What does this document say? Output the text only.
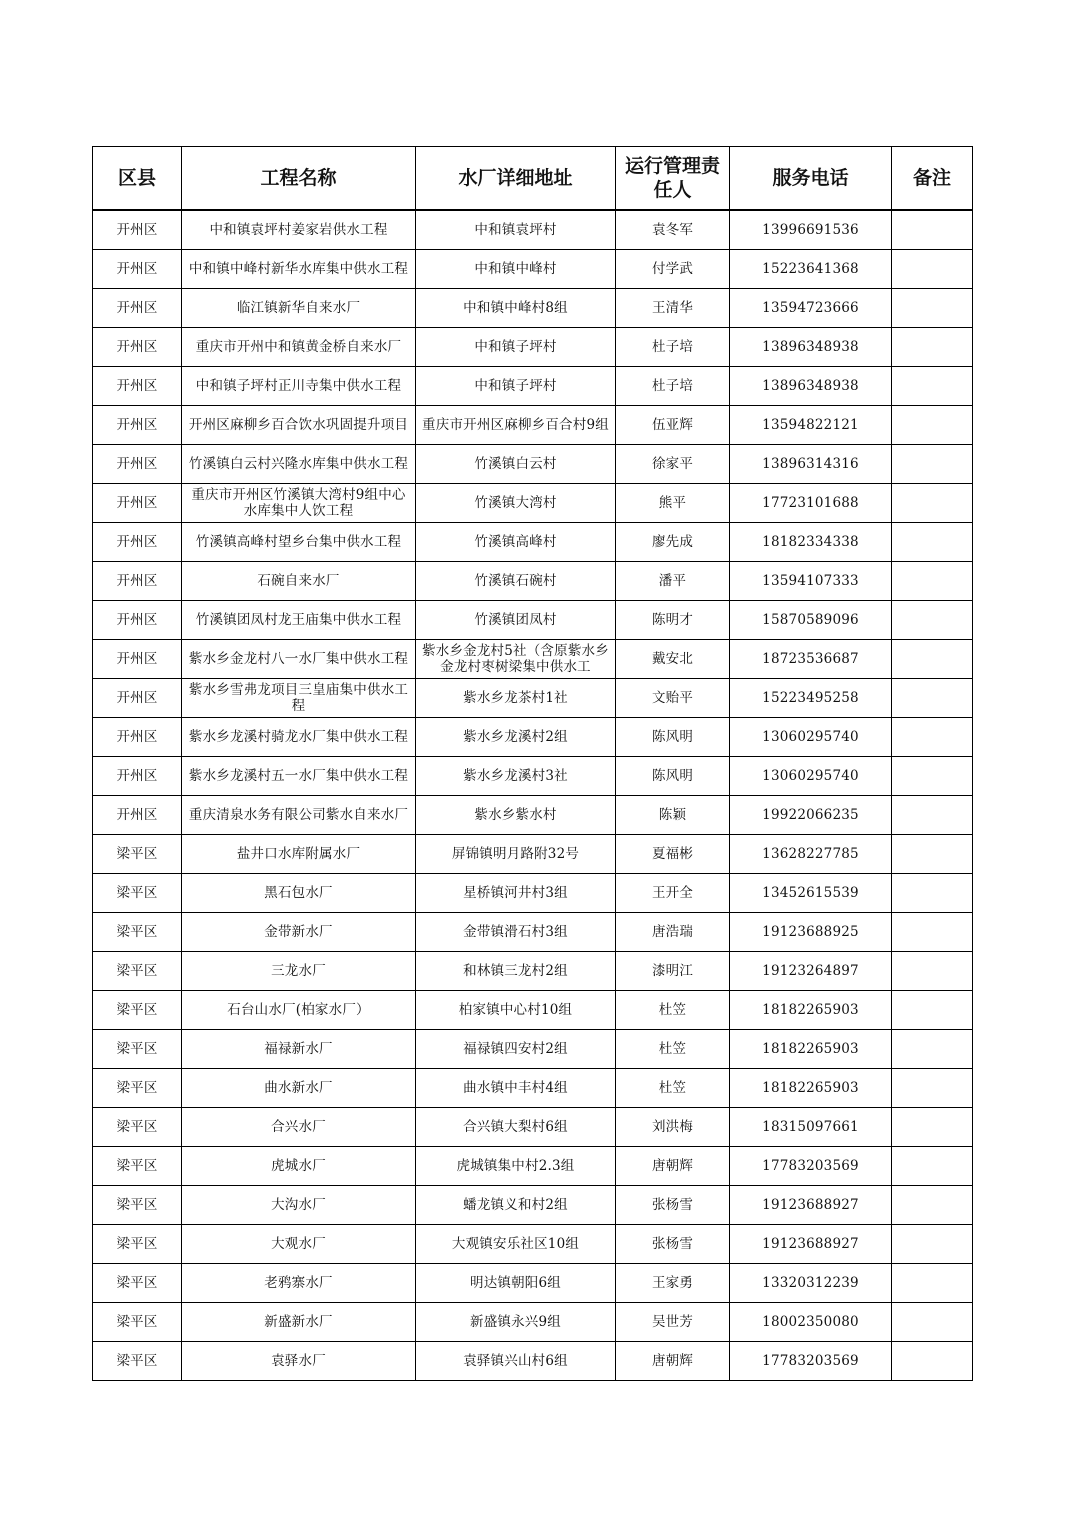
区县	工程名称	水厂详细地址	运行管理责任人	服务电话	备注
开州区	中和镇袁坪村姜家岩供水工程	中和镇袁坪村	袁冬军	13996691536	
开州区	中和镇中峰村新华水库集中供水工程	中和镇中峰村	付学武	15223641368	
开州区	临江镇新华自来水厂	中和镇中峰村8组	王清华	13594723666	
开州区	重庆市开州中和镇黄金桥自来水厂	中和镇子坪村	杜子培	13896348938	
开州区	中和镇子坪村正川寺集中供水工程	中和镇子坪村	杜子培	13896348938	
开州区	开州区麻柳乡百合饮水巩固提升项目	重庆市开州区麻柳乡百合村9组	伍亚辉	13594822121	
开州区	竹溪镇白云村兴隆水库集中供水工程	竹溪镇白云村	徐家平	13896314316	
开州区	重庆市开州区竹溪镇大湾村9组中心水库集中人饮工程	竹溪镇大湾村	熊平	17723101688	
开州区	竹溪镇高峰村望乡台集中供水工程	竹溪镇高峰村	廖先成	18182334338	
开州区	石碗自来水厂	竹溪镇石碗村	潘平	13594107333	
开州区	竹溪镇团凤村龙王庙集中供水工程	竹溪镇团凤村	陈明才	15870589096	
开州区	紫水乡金龙村八一水厂集中供水工程	紫水乡金龙村5社（含原紫水乡金龙村枣树梁集中供水工	戴安北	18723536687	
开州区	紫水乡雪弗龙项目三皇庙集中供水工程	紫水乡龙茶村1社	文贻平	15223495258	
开州区	紫水乡龙溪村骑龙水厂集中供水工程	紫水乡龙溪村2组	陈风明	13060295740	
开州区	紫水乡龙溪村五一水厂集中供水工程	紫水乡龙溪村3社	陈风明	13060295740	
开州区	重庆清泉水务有限公司紫水自来水厂	紫水乡紫水村	陈颖	19922066235	
梁平区	盐井口水库附属水厂	屏锦镇明月路附32号	夏福彬	13628227785	
梁平区	黑石包水厂	星桥镇河井村3组	王开全	13452615539	
梁平区	金带新水厂	金带镇滑石村3组	唐浩瑞	19123688925	
梁平区	三龙水厂	和林镇三龙村2组	漆明江	19123264897	
梁平区	石台山水厂(柏家水厂）	柏家镇中心村10组	杜笠	18182265903	
梁平区	福禄新水厂	福禄镇四安村2组	杜笠	18182265903	
梁平区	曲水新水厂	曲水镇中丰村4组	杜笠	18182265903	
梁平区	合兴水厂	合兴镇大梨村6组	刘洪梅	18315097661	
梁平区	虎城水厂	虎城镇集中村2.3组	唐朝辉	17783203569	
梁平区	大沟水厂	蟠龙镇义和村2组	张杨雪	19123688927	
梁平区	大观水厂	大观镇安乐社区10组	张杨雪	19123688927	
梁平区	老鸦寨水厂	明达镇朝阳6组	王家勇	13320312239	
梁平区	新盛新水厂	新盛镇永兴9组	吴世芳	18002350080	
梁平区	袁驿水厂	袁驿镇兴山村6组	唐朝辉	17783203569	
